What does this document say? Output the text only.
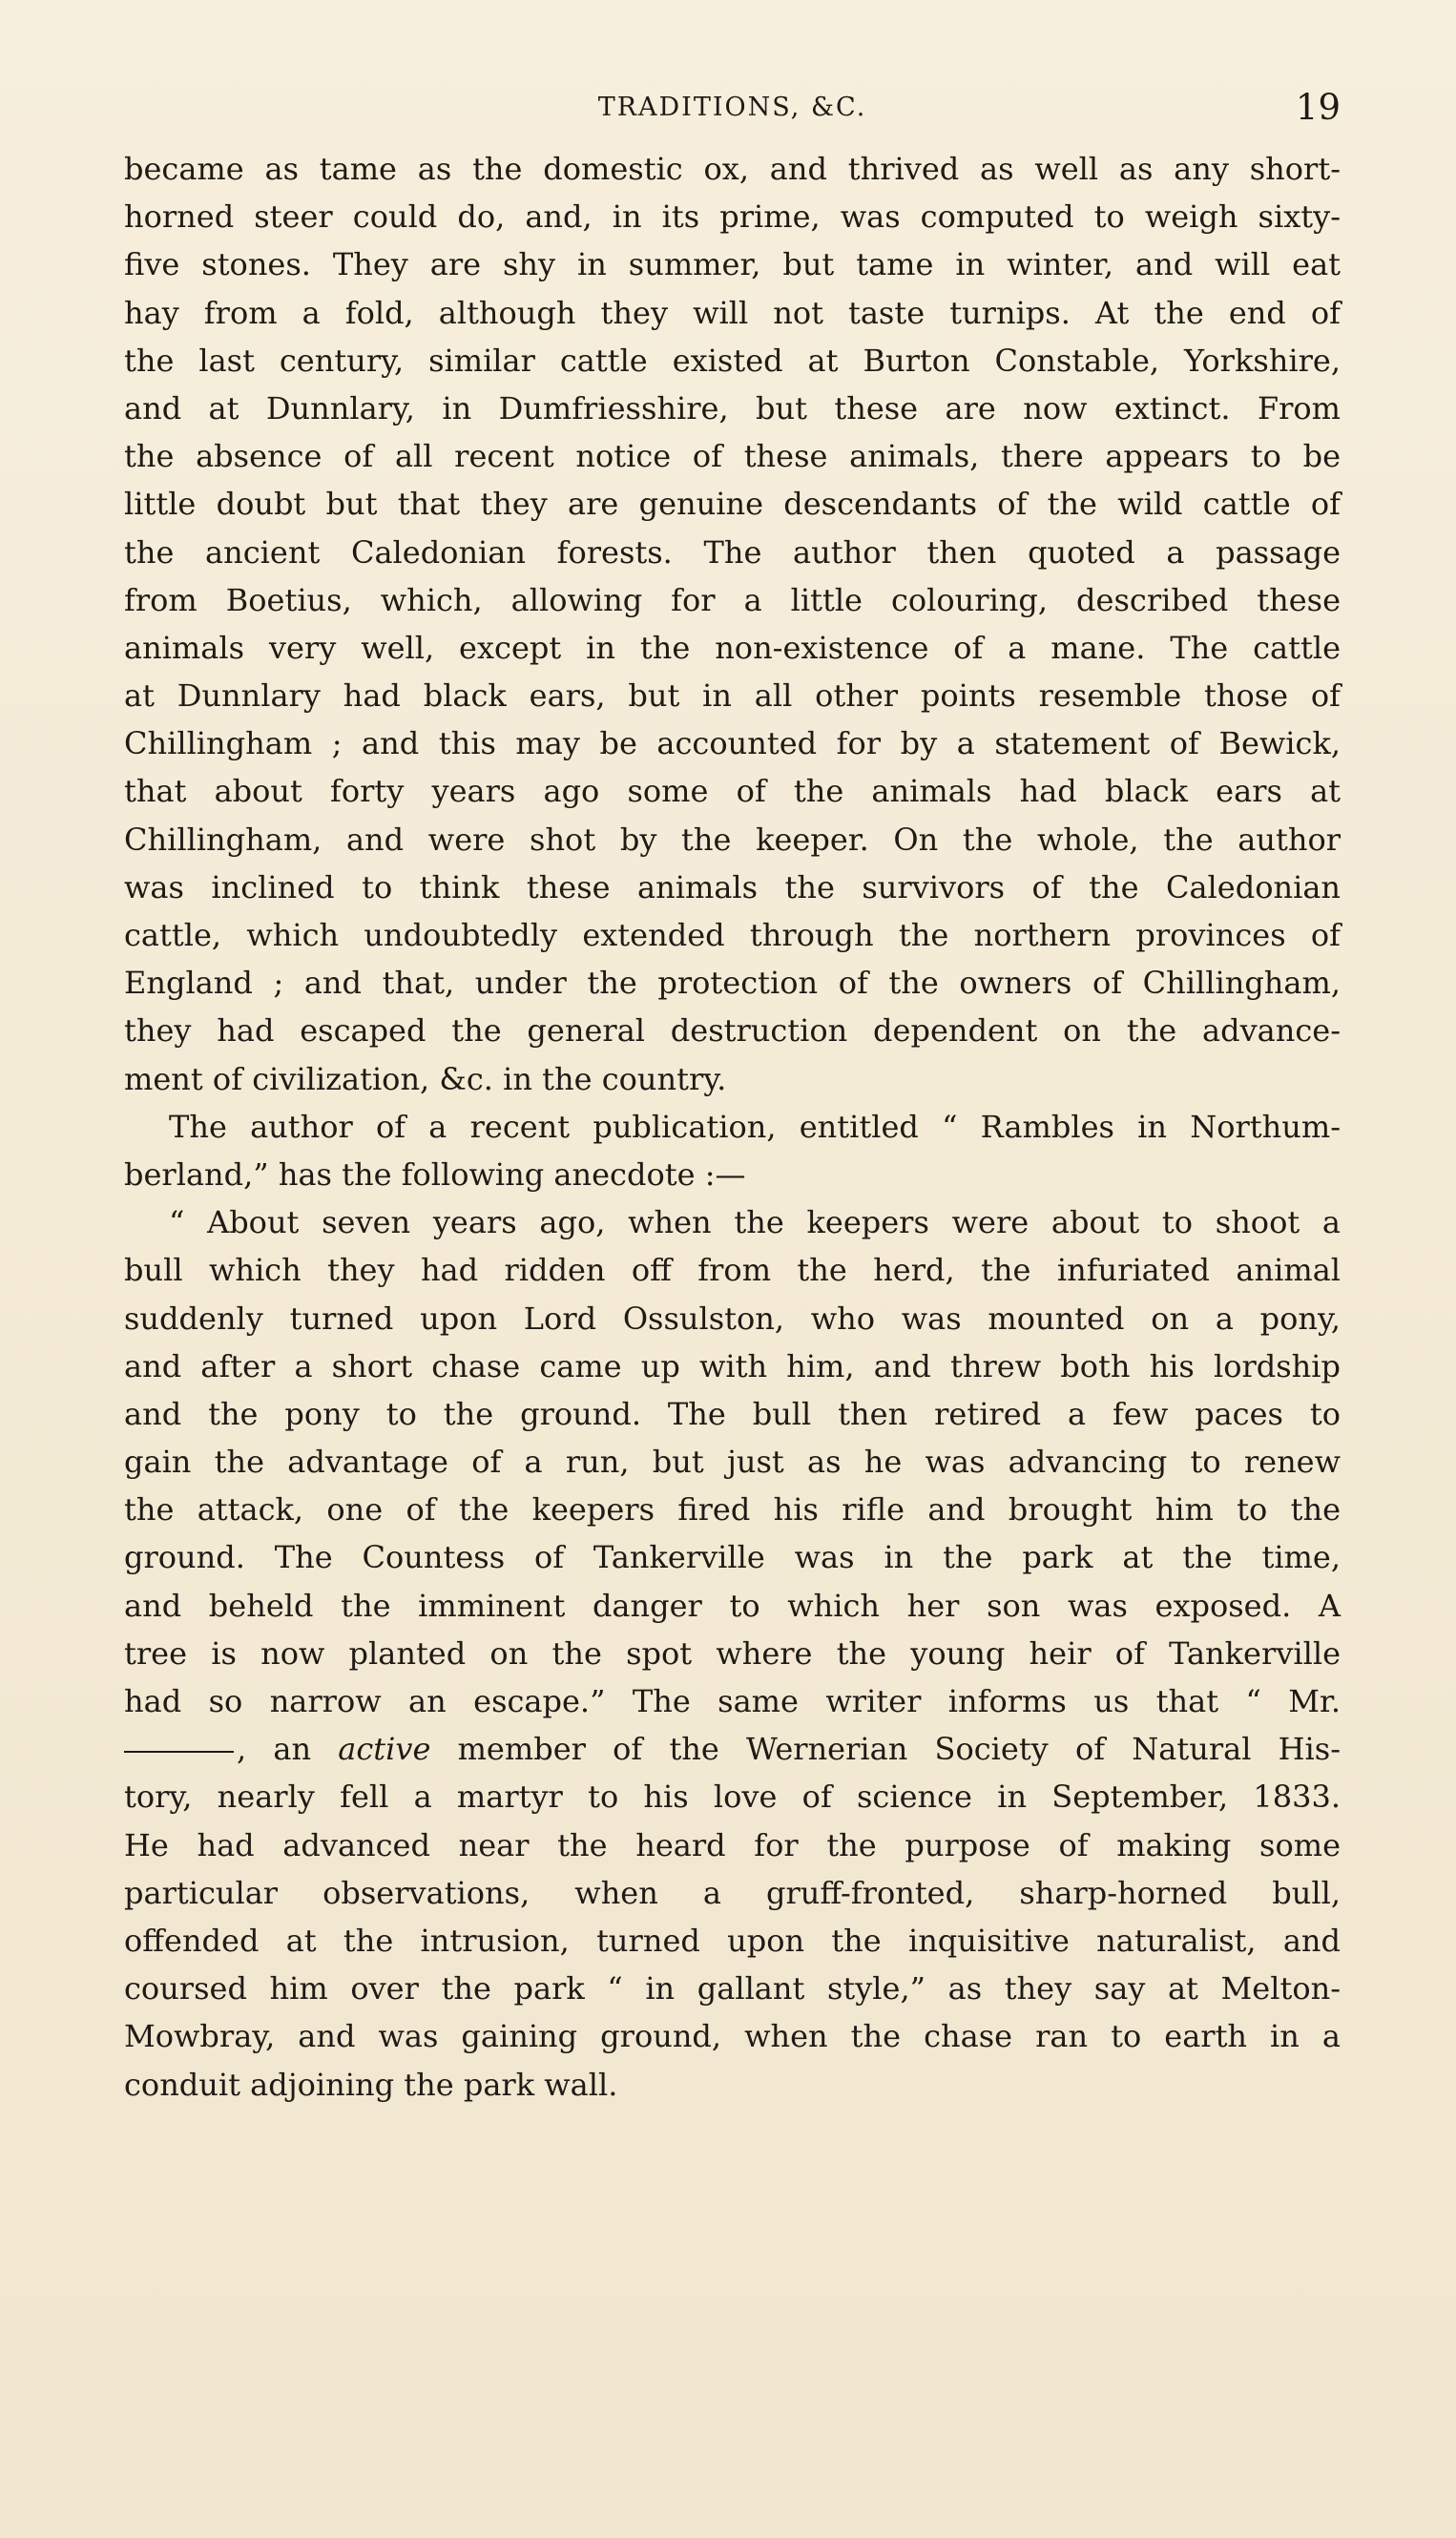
TRADITIONS, &C.	19
became as tame as the domestic ox, and thrived as well as any short-
horned steer could do, and, in its prime, was computed to weigh sixty-
five stones. They are shy in summer, but tame in winter, and will eat
hay from a fold, although they will not taste turnips. At the end of
the last century, similar cattle existed at Burton Constable, Yorkshire,
and at Dunnlary, in Dumfriesshire, but these are now extinct. From
the absence of all recent notice of these animals, there appears to be
little doubt but that they are genuine descendants of the wild cattle of
the ancient Caledonian forests. The author then quoted a passage
from Boetius, which, allowing for a little colouring, described these
animals very well, except in the non-existence of a mane. The cattle
at Dunnlary had black ears, but in all other points resemble those of
Chillingham ; and this may be accounted for by a statement of Bewick,
that about forty years ago some of the animals had black ears at
Chillingham, and were shot by the keeper. On the whole, the author
was inclined to think these animals the survivors of the Caledonian
cattle, which undoubtedly extended through the northern provinces of
England ; and that, under the protection of the owners of Chillingham,
they had escaped the general destruction dependent on the advance-
ment of civilization, &c. in the country.
The author of a recent publication, entitled “ Rambles in Northum-
berland,” has the following anecdote :—
“ About seven years ago, when the keepers were about to shoot a
bull which they had ridden off from the herd, the infuriated animal
suddenly turned upon Lord Ossulston, who was mounted on a pony,
and after a short chase came up with him, and threw both his lordship
and the pony to the ground. The bull then retired a few paces to
gain the advantage of a run, but just as he was advancing to renew
the attack, one of the keepers fired his rifle and brought him to the
ground. The Countess of Tankerville was in the park at the time,
and beheld the imminent danger to which her son was exposed. A
tree is now planted on the spot where the young heir of Tankerville
had so narrow an escape.” The same writer informs us that “ Mr.
, an active member of the Wernerian Society of Natural His-
tory, nearly fell a martyr to his love of science in September, 1833.
He had advanced near the heard for the purpose of making some
particular observations, when a gruff-fronted, sharp-horned bull,
offended at the intrusion, turned upon the inquisitive naturalist, and
coursed him over the park “ in gallant style,” as they say at Melton-
Mowbray, and was gaining ground, when the chase ran to earth in a
conduit adjoining the park wall.
